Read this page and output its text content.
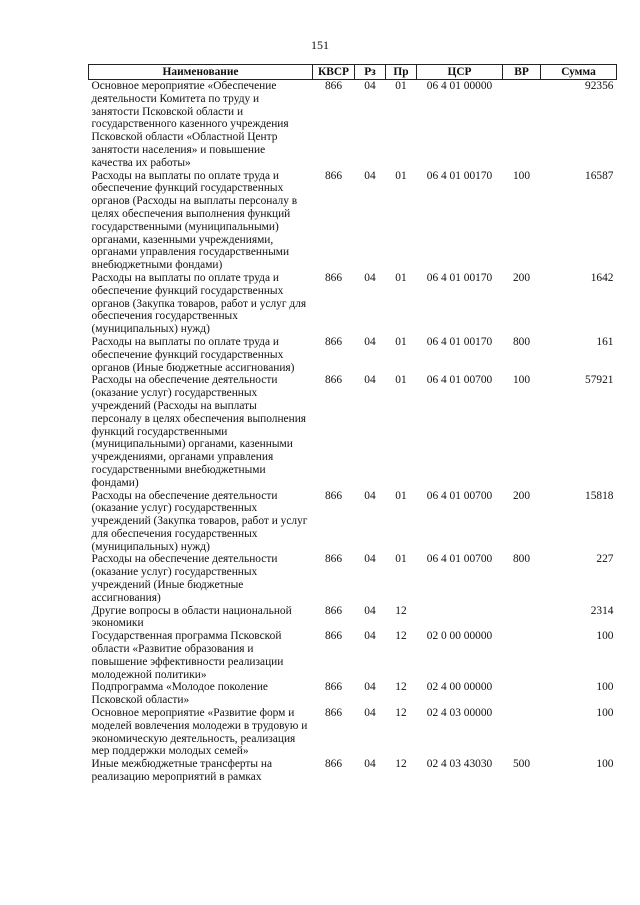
151
Наименование	КВСР	Рз	Пр	ЦСР	ВР	Сумма
Основное мероприятие «Обеспечение деятельности Комитета по труду и занятости Псковской области и государственного казенного учреждения Псковской области «Областной Центр занятости населения» и повышение качества их работы»	866	04	01	06 4 01 00000		92356
Расходы на выплаты по оплате труда и обеспечение функций государственных органов (Расходы на выплаты персоналу в целях обеспечения выполнения функций государственными (муниципальными) органами, казенными учреждениями, органами управления государственными внебюджетными фондами)	866	04	01	06 4 01 00170	100	16587
Расходы на выплаты по оплате труда и обеспечение функций государственных органов (Закупка товаров, работ и услуг для обеспечения государственных (муниципальных) нужд)	866	04	01	06 4 01 00170	200	1642
Расходы на выплаты по оплате труда и обеспечение функций государственных органов (Иные бюджетные ассигнования)	866	04	01	06 4 01 00170	800	161
Расходы на обеспечение деятельности (оказание услуг) государственных учреждений (Расходы на выплаты персоналу в целях обеспечения выполнения функций государственными (муниципальными) органами, казенными учреждениями, органами управления государственными внебюджетными фондами)	866	04	01	06 4 01 00700	100	57921
Расходы на обеспечение деятельности (оказание услуг) государственных учреждений (Закупка товаров, работ и услуг для обеспечения государственных (муниципальных) нужд)	866	04	01	06 4 01 00700	200	15818
Расходы на обеспечение деятельности (оказание услуг) государственных учреждений (Иные бюджетные ассигнования)	866	04	01	06 4 01 00700	800	227
Другие вопросы в области национальной экономики	866	04	12			2314
Государственная программа Псковской области «Развитие образования и повышение эффективности реализации молодежной политики»	866	04	12	02 0 00 00000		100
Подпрограмма «Молодое поколение Псковской области»	866	04	12	02 4 00 00000		100
Основное мероприятие «Развитие форм и моделей вовлечения молодежи в трудовую и экономическую деятельность, реализация мер поддержки молодых семей»	866	04	12	02 4 03 00000		100
Иные межбюджетные трансферты на реализацию мероприятий в рамках	866	04	12	02 4 03 43030	500	100
